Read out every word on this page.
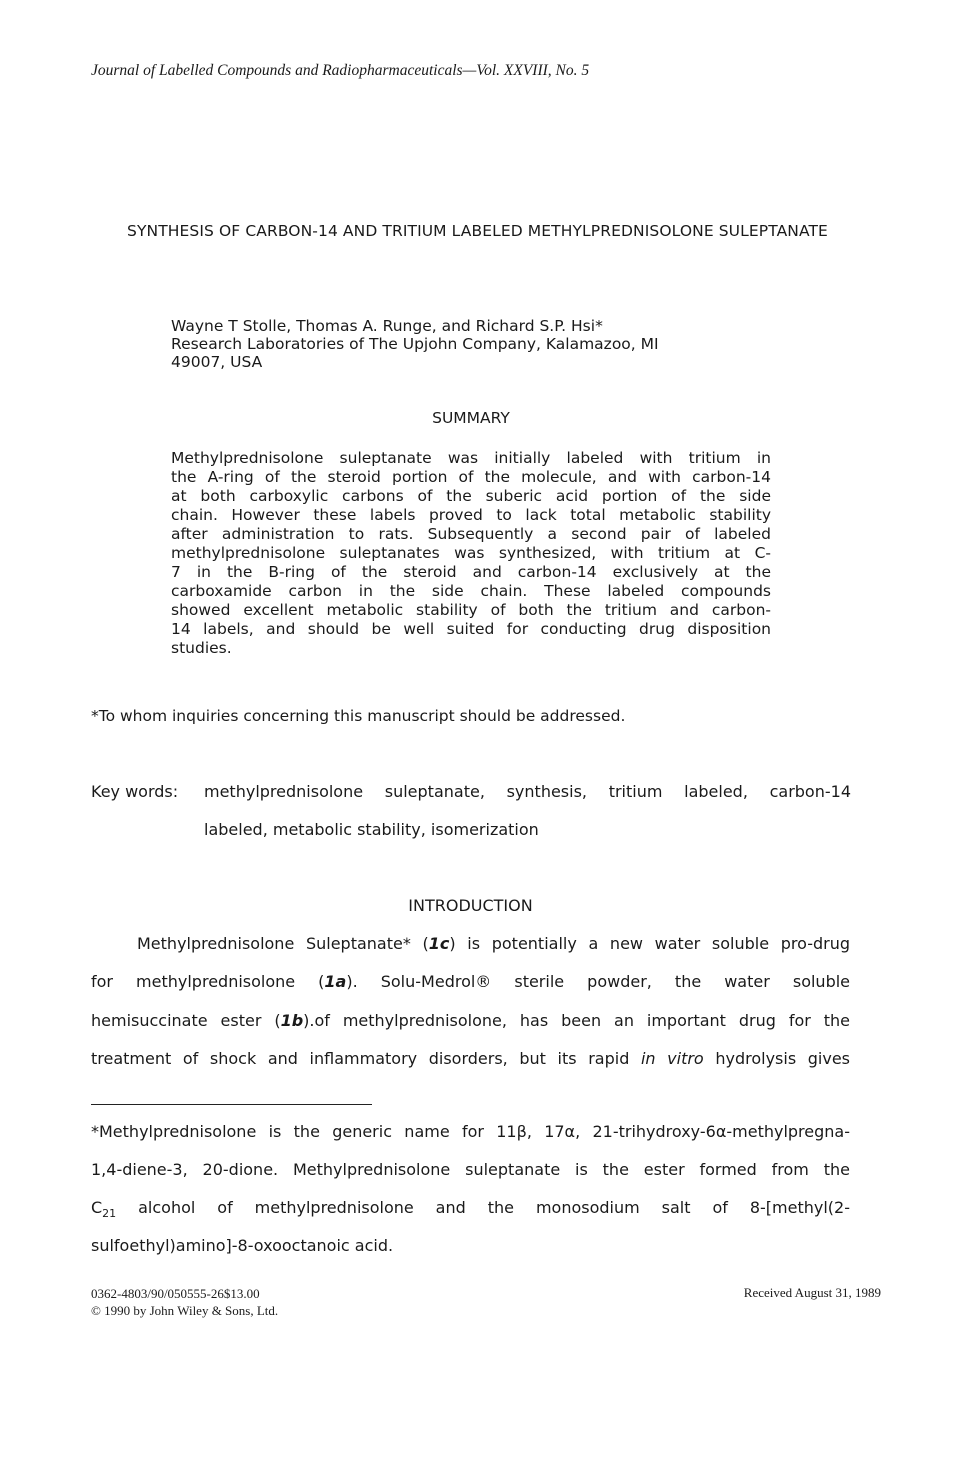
Journal of Labelled Compounds and Radiopharmaceuticals—Vol. XXVIII, No. 5
SYNTHESIS OF CARBON-14 AND TRITIUM LABELED METHYLPREDNISOLONE SULEPTANATE
Wayne T Stolle, Thomas A. Runge, and Richard S.P. Hsi*
Research Laboratories of The Upjohn Company, Kalamazoo, MI
49007, USA
SUMMARY
Methylprednisolone suleptanate was initially labeled with tritium in
the A-ring of the steroid portion of the molecule, and with carbon-14
at both carboxylic carbons of the suberic acid portion of the side
chain. However these labels proved to lack total metabolic stability
after administration to rats. Subsequently a second pair of labeled
methylprednisolone suleptanates was synthesized, with tritium at C-
7 in the B-ring of the steroid and carbon-14 exclusively at the
carboxamide carbon in the side chain. These labeled compounds
showed excellent metabolic stability of both the tritium and carbon-
14 labels, and should be well suited for conducting drug disposition
studies.
*To whom inquiries concerning this manuscript should be addressed.
Key words: methylprednisolone suleptanate, synthesis, tritium labeled, carbon-14
labeled, metabolic stability, isomerization
INTRODUCTION
Methylprednisolone Suleptanate* (1c) is potentially a new water soluble pro-drug
for methylprednisolone (1a). Solu-Medrol® sterile powder, the water soluble
hemisuccinate ester (1b).of methylprednisolone, has been an important drug for the
treatment of shock and inflammatory disorders, but its rapid in vitro hydrolysis gives
*Methylprednisolone is the generic name for 11β, 17α, 21-trihydroxy-6α-methylpregna-
1,4-diene-3, 20-dione. Methylprednisolone suleptanate is the ester formed from the
$C_{21}$ alcohol of methylprednisolone and the monosodium salt of 8-[methyl(2-
sulfoethyl)amino]-8-oxooctanoic acid.
0362-4803/90/050555-26$13.00
© 1990 by John Wiley & Sons, Ltd.
Received August 31, 1989
